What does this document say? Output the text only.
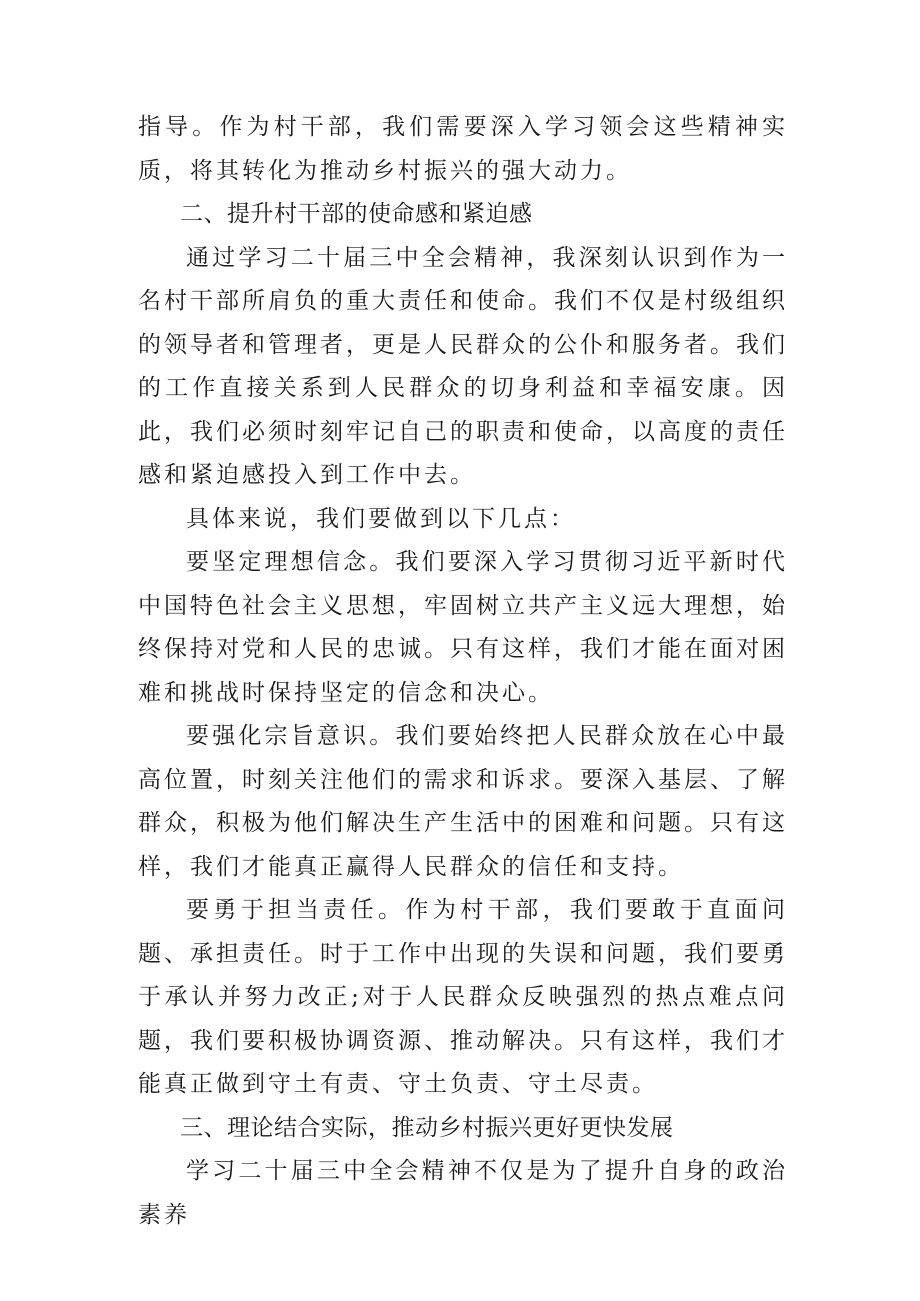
指导。作为村干部，我们需要深入学习领会这些精神实质，将其转化为推动乡村振兴的强大动力。

二、提升村干部的使命感和紧迫感

通过学习二十届三中全会精神，我深刻认识到作为一名村干部所肩负的重大责任和使命。我们不仅是村级组织的领导者和管理者，更是人民群众的公仆和服务者。我们的工作直接关系到人民群众的切身利益和幸福安康。因此，我们必须时刻牢记自己的职责和使命，以高度的责任感和紧迫感投入到工作中去。

具体来说，我们要做到以下几点：

要坚定理想信念。我们要深入学习贯彻习近平新时代中国特色社会主义思想，牢固树立共产主义远大理想，始终保持对党和人民的忠诚。只有这样，我们才能在面对困难和挑战时保持坚定的信念和决心。

要强化宗旨意识。我们要始终把人民群众放在心中最高位置，时刻关注他们的需求和诉求。要深入基层、了解群众，积极为他们解决生产生活中的困难和问题。只有这样，我们才能真正赢得人民群众的信任和支持。

要勇于担当责任。作为村干部，我们要敢于直面问题、承担责任。时于工作中出现的失误和问题，我们要勇于承认并努力改正;对于人民群众反映强烈的热点难点问题，我们要积极协调资源、推动解决。只有这样，我们才能真正做到守土有责、守土负责、守土尽责。

三、理论结合实际，推动乡村振兴更好更快发展

学习二十届三中全会精神不仅是为了提升自身的政治素养
